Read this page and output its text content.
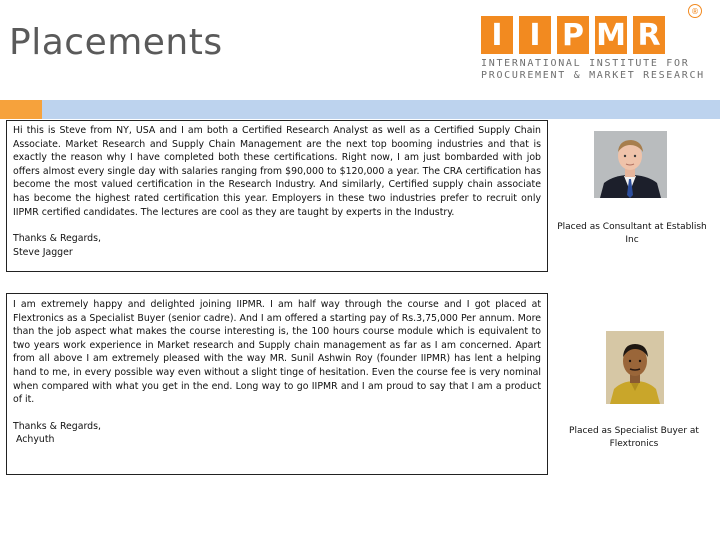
Placements	I I P M R
®
INTERNATIONAL INSTITUTE FOR
PROCUREMENT & MARKET RESEARCH

Hi this is Steve from NY, USA and I am both a Certified Research Analyst as well as a Certified Supply Chain Associate. Market Research and Supply Chain Management are the next top booming industries and that is exactly the reason why I have completed both these certifications. Right now, I am just bombarded with job offers almost every single day with salaries ranging from $90,000 to $120,000 a year. The CRA certification has become the most valued certification in the Research Industry. And similarly, Certified supply chain associate has become the highest rated certification this year. Employers in these two industries prefer to recruit only IIPMR certified candidates. The lectures are cool as they are taught by experts in the Industry.

Thanks & Regards,

Steve Jagger

Placed as Consultant at Establish Inc

I am extremely happy and delighted joining IIPMR. I am half way through the course and I got placed at Flextronics as a Specialist Buyer (senior cadre). And I am offered a starting pay of Rs.3,75,000 Per annum. More than the job aspect what makes the course interesting is, the 100 hours course module which is equivalent to two years work experience in Market research and Supply chain management as far as I am concerned. Apart from all above I am extremely pleased with the way MR. Sunil Ashwin Roy (founder IIPMR) has lent a helping hand to me, in every possible way even without a slight tinge of hesitation. Even the course fee is very nominal when compared with what you get in the end. Long way to go IIPMR and I am proud to say that I am a product of it.

Thanks & Regards,

Achyuth

Placed as Specialist Buyer at Flextronics
